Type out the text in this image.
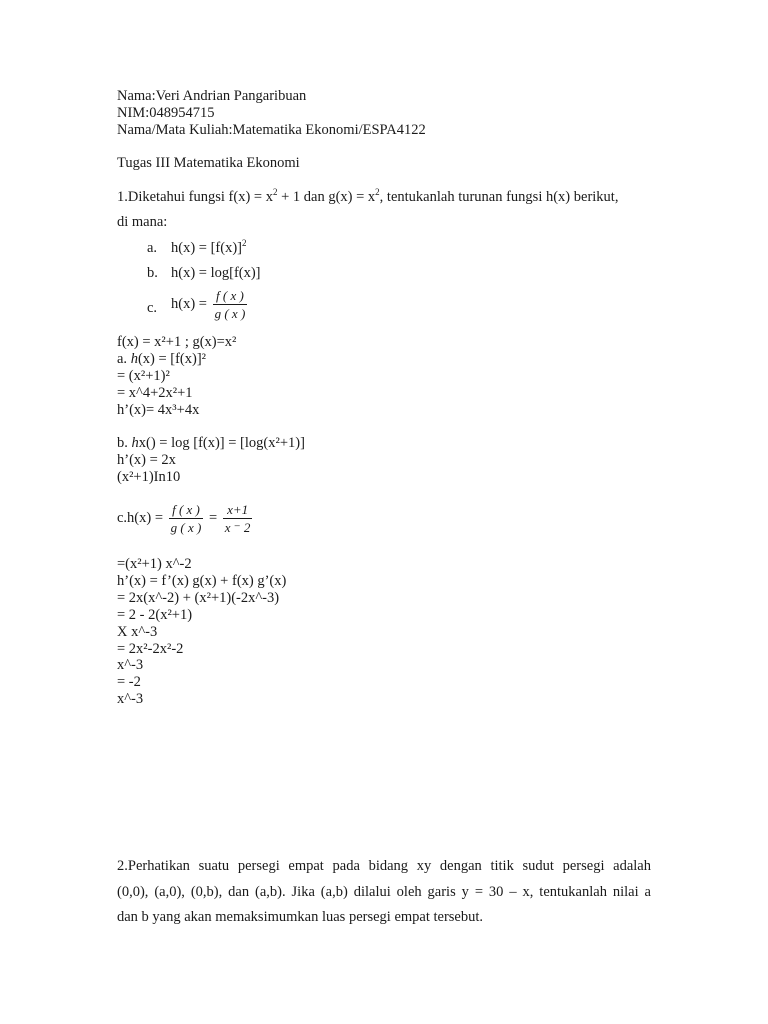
Nama:Veri Andrian Pangaribuan
NIM:048954715
Nama/Mata Kuliah:Matematika Ekonomi/ESPA4122
Tugas III Matematika Ekonomi
1.Diketahui fungsi $f(x) = x^2 + 1$ dan $g(x) = x^2$, tentukanlah turunan fungsi h(x) berikut,
di mana:
a. $h(x) = [f(x)]^2$
b. h(x) = log[f(x)]
c. $h(x) = \frac{f ( x )}{g ( x )}$
f(x) = x²+1 ; g(x)=x²
a. h(x) = [f(x)]²
= (x²+1)²
= x^4+2x²+1
h’(x)= 4x³+4x
b. hx() = log [f(x)] = [log(x²+1)]
h’(x) = 2x
(x²+1)In10
$c.h(x) = \frac{f ( x )}{g ( x )} = \frac{x+1}{x ^- 2}$
=(x²+1) x^-2
h’(x) = f’(x) g(x) + f(x) g’(x)
= 2x(x^-2) + (x²+1)(-2x^-3)
= 2 - 2(x²+1)
X x^-3
= 2x²-2x²-2
x^-3
= -2
x^-3
2.Perhatikan suatu persegi empat pada bidang xy dengan titik sudut persegi adalah
(0,0), (a,0), (0,b), dan (a,b). Jika (a,b) dilalui oleh garis y = 30 – x, tentukanlah nilai a
dan b yang akan memaksimumkan luas persegi empat tersebut.
